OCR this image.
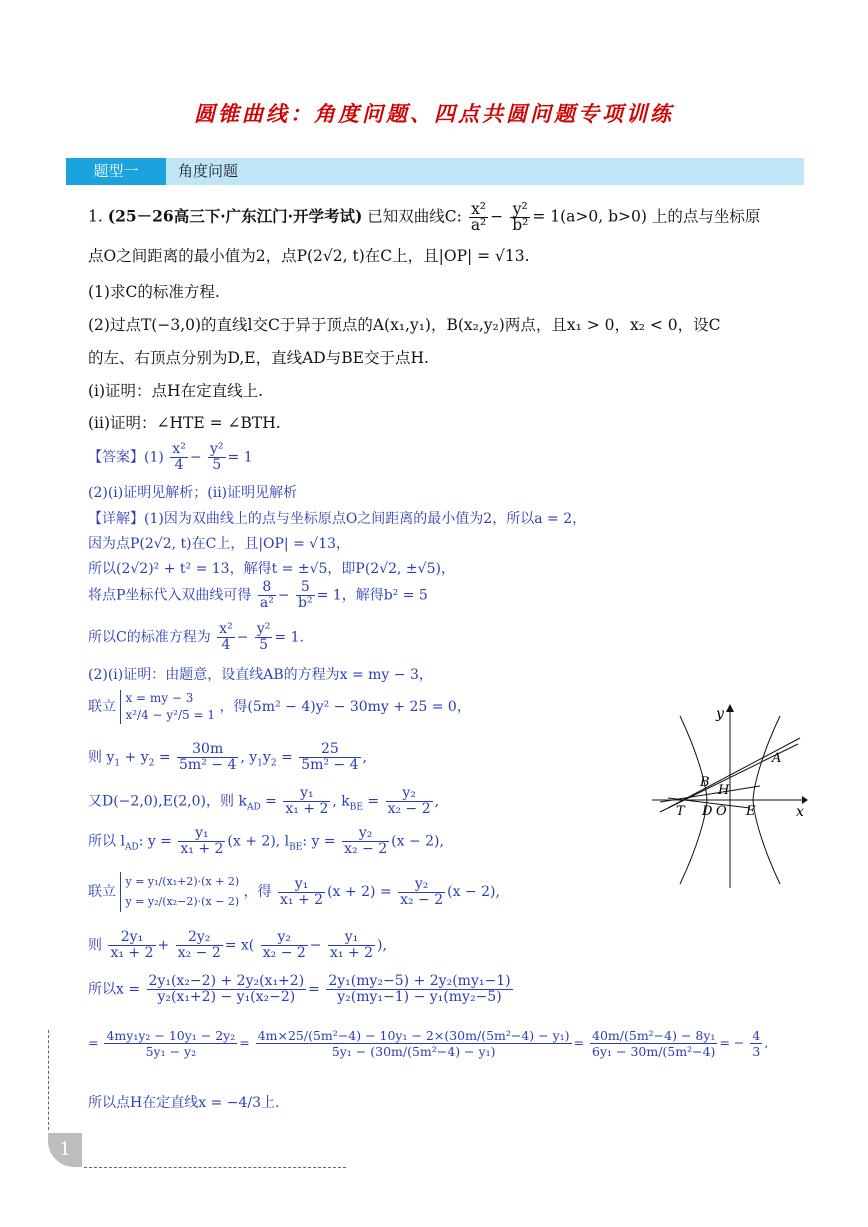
圆锥曲线：角度问题、四点共圆问题专项训练
题型一	角度问题
1. (25－26高三下·广东江门·开学考试) 已知双曲线C: $\frac{\text{x²}}{\text{a²}} - \frac{\text{y²}}{\text{b²}} = 1(a>0$, b>0) 上的点与坐标原
点O之间距离的最小值为2，点P(2√2, t)在C上，且|OP| = √13.
(1)求C的标准方程.
(2)过点T(−3,0)的直线l交C于异于顶点的A(x₁,y₁)，B(x₂,y₂)两点，且x₁ > 0，x₂ < 0，设C
的左、右顶点分别为D,E，直线AD与BE交于点H.
(ⅰ)证明：点H在定直线上.
(ⅱ)证明：∠HTE = ∠BTH.
【答案】$(1) \frac{\text{x²}}{4} - \frac{\text{y²}}{5} = 1$
(2)(ⅰ)证明见解析；(ⅱ)证明见解析
【详解】(1)因为双曲线上的点与坐标原点O之间距离的最小值为2，所以a = 2，
因为点P(2√2, t)在C上，且|OP| = √13，
所以(2√2)² + t² = 13，解得t = ±√5，即P(2√2, ±√5)，
将点P坐标代入双曲线可得 $\frac{8}{\text{a²}} - \frac{5}{\text{b²}} = 1$，解得b² = 5
所以C的标准方程为 $\frac{\text{x²}}{4} - \frac{\text{y²}}{5} = 1$.
(2)(ⅰ)证明：由题意，设直线AB的方程为x = my − 3，
联立 x = my − 3
x²/4 − y²/5 = 1 ，得(5m² − 4)y² − 30my + 25 = 0，
则 $y_1 + y_2 = \frac{30m}{\text{5m² − 4}}$ , $y_1y_2 = \frac{25}{\text{5m² − 4}}$ ,
又D(−2,0),E(2,0)，则 $k_{AD} = \frac{\text{y₁}}{\text{x₁ + 2}}$ , $k_{BE} = \frac{\text{y₂}}{\text{x₂ − 2}}$ ,
所以 $l_{AD}$: $y = \frac{\text{y₁}}{\text{x₁ + 2}} (x + 2)$, $l_{BE}$: $y = \frac{\text{y₂}}{\text{x₂ − 2}} (x - 2)$,
联立 y = y₁/(x₁+2)·(x + 2)
y = y₂/(x₂−2)·(x − 2) ，得 $\frac{\text{y₁}}{\text{x₁ + 2}} (x + 2) = \frac{\text{y₂}}{\text{x₂ − 2}} (x - 2)$,
则 $\frac{\text{2y₁}}{\text{x₁ + 2}} + \frac{\text{2y₂}}{\text{x₂ − 2}} = x( \frac{\text{y₂}}{\text{x₂ − 2}} - \frac{\text{y₁}}{\text{x₁ + 2}}$ ),
所以$x = \frac{\text{2y₁(x₂−2) + 2y₂(x₁+2)}}{\text{y₂(x₁+2) − y₁(x₂−2)}} = \frac{\text{2y₁(my₂−5) + 2y₂(my₁−1)}}{\text{y₂(my₁−1) − y₁(my₂−5)}}$
= $\frac{\text{4my₁y₂ − 10y₁ − 2y₂}}{\text{5y₁ − y₂}} = \frac{\text{4m×25/(5m²−4) − 10y₁ − 2×(30m/(5m²−4) − y₁)}}{\text{5y₁ − (30m/(5m²−4) − y₁)}} = \frac{\text{40m/(5m²−4) − 8y₁}}{\text{6y₁ − 30m/(5m²−4)}}$ = − $\frac{4}{3}$ ,
所以点H在定直线x = −4/3上.
y
x
A
B
H
T D O E
1
